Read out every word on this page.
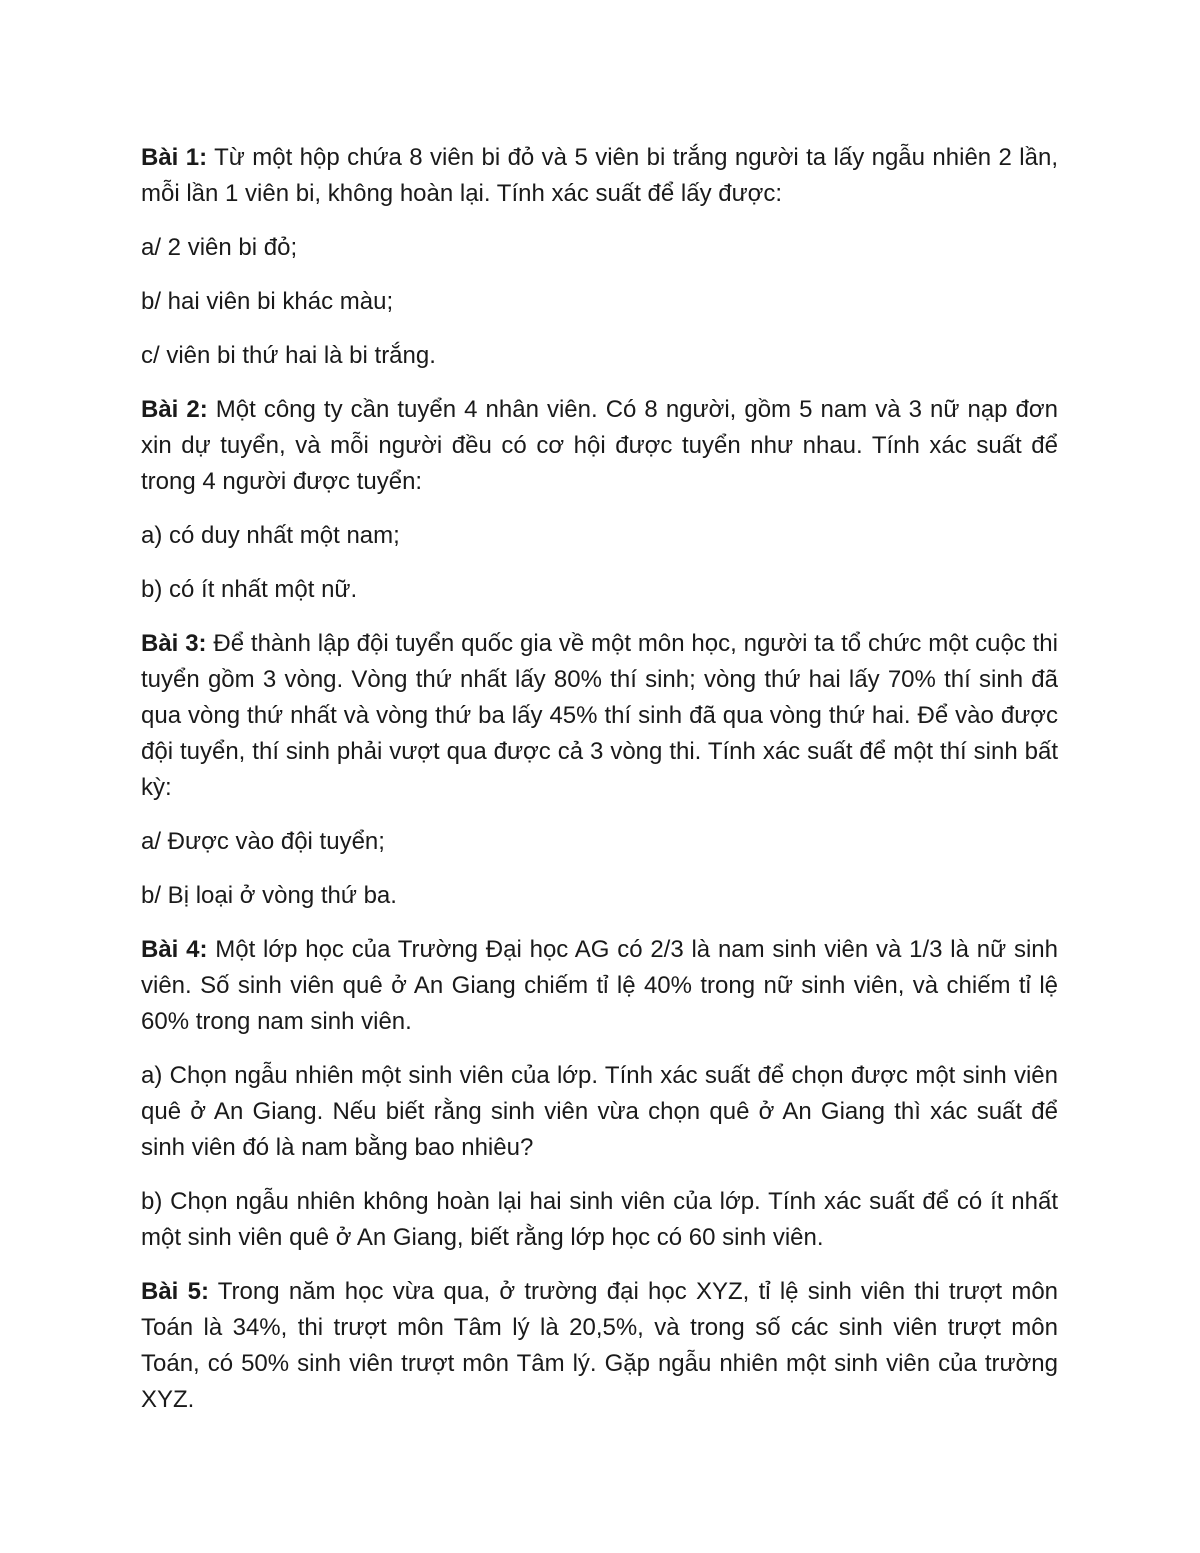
Bài 1: Từ một hộp chứa 8 viên bi đỏ và 5 viên bi trắng người ta lấy ngẫu nhiên 2 lần, mỗi lần 1 viên bi, không hoàn lại. Tính xác suất để lấy được:

a/ 2 viên bi đỏ;

b/ hai viên bi khác màu;

c/ viên bi thứ hai là bi trắng.

Bài 2: Một công ty cần tuyển 4 nhân viên. Có 8 người, gồm 5 nam và 3 nữ nạp đơn xin dự tuyển, và mỗi người đều có cơ hội được tuyển như nhau. Tính xác suất để trong 4 người được tuyển:

a) có duy nhất một nam;

b) có ít nhất một nữ.

Bài 3: Để thành lập đội tuyển quốc gia về một môn học, người ta tổ chức một cuộc thi tuyển gồm 3 vòng. Vòng thứ nhất lấy 80% thí sinh; vòng thứ hai lấy 70% thí sinh đã qua vòng thứ nhất và vòng thứ ba lấy 45% thí sinh đã qua vòng thứ hai. Để vào được đội tuyển, thí sinh phải vượt qua được cả 3 vòng thi. Tính xác suất để một thí sinh bất kỳ:

a/ Được vào đội tuyển;

b/ Bị loại ở vòng thứ ba.

Bài 4: Một lớp học của Trường Đại học AG có 2/3 là nam sinh viên và 1/3 là nữ sinh viên. Số sinh viên quê ở An Giang chiếm tỉ lệ 40% trong nữ sinh viên, và chiếm tỉ lệ 60% trong nam sinh viên.

a) Chọn ngẫu nhiên một sinh viên của lớp. Tính xác suất để chọn được một sinh viên quê ở An Giang. Nếu biết rằng sinh viên vừa chọn quê ở An Giang thì xác suất để sinh viên đó là nam bằng bao nhiêu?

b) Chọn ngẫu nhiên không hoàn lại hai sinh viên của lớp. Tính xác suất để có ít nhất một sinh viên quê ở An Giang, biết rằng lớp học có 60 sinh viên.

Bài 5: Trong năm học vừa qua, ở trường đại học XYZ, tỉ lệ sinh viên thi trượt môn Toán là 34%, thi trượt môn Tâm lý là 20,5%, và trong số các sinh viên trượt môn Toán, có 50% sinh viên trượt môn Tâm lý. Gặp ngẫu nhiên một sinh viên của trường XYZ.
